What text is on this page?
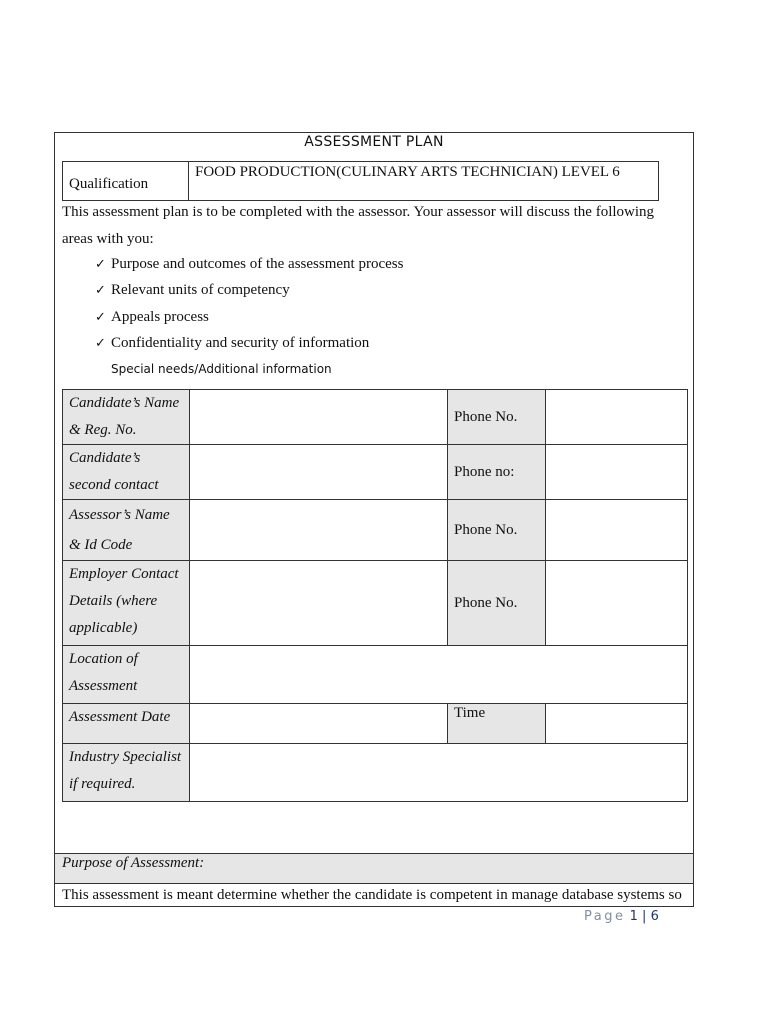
ASSESSMENT PLAN
Qualification	FOOD PRODUCTION(CULINARY ARTS TECHNICIAN) LEVEL 6
This assessment plan is to be completed with the assessor. Your assessor will discuss the following areas with you:
✓ Purpose and outcomes of the assessment process
✓ Relevant units of competency
✓ Appeals process
✓ Confidentiality and security of information
Special needs/Additional information
Candidate’s Name & Reg. No.		Phone No.	
Candidate’s second contact		Phone no:	

Assessor’s Name & Id Code		Phone No.	
Employer Contact Details (where applicable)		Phone No.	
Location of Assessment			
Assessment Date		Time	
Industry Specialist if required.			
Purpose of Assessment:
This assessment is meant determine whether the candidate is competent in manage database systems so
Page 1 | 6
